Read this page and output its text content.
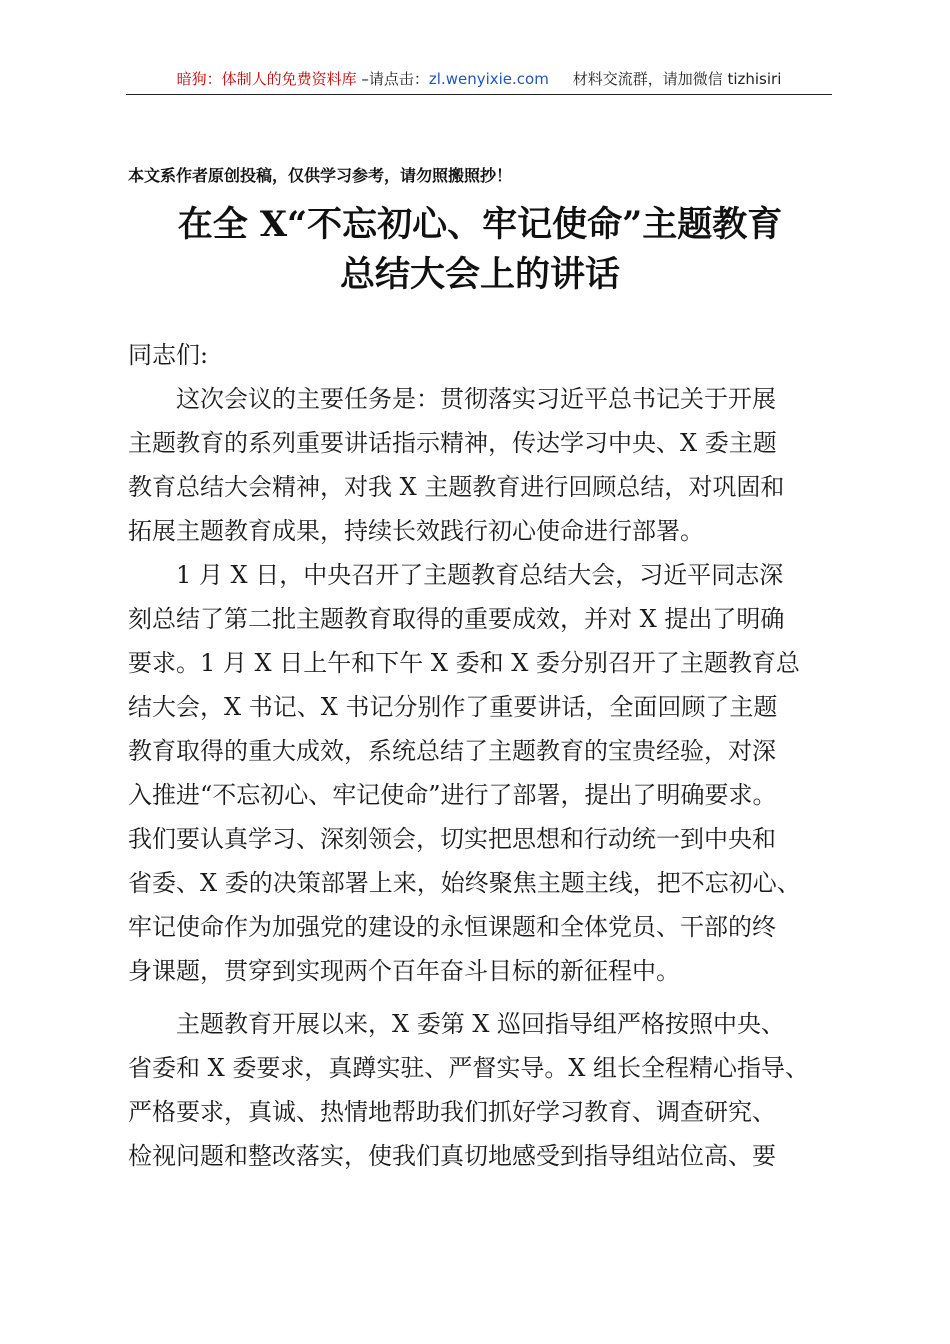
暗狗：体制人的免费资料库 –请点击：zl.wenyixie.com 材料交流群，请加微信 tizhisiri
本文系作者原创投稿，仅供学习参考，请勿照搬照抄！
在全 X“不忘初心、牢记使命”主题教育
总结大会上的讲话
同志们:
　　这次会议的主要任务是：贯彻落实习近平总书记关于开展
主题教育的系列重要讲话指示精神，传达学习中央、X 委主题
教育总结大会精神，对我 X 主题教育进行回顾总结，对巩固和
拓展主题教育成果，持续长效践行初心使命进行部署。
　　1 月 X 日，中央召开了主题教育总结大会，习近平同志深
刻总结了第二批主题教育取得的重要成效，并对 X 提出了明确
要求。1 月 X 日上午和下午 X 委和 X 委分别召开了主题教育总
结大会，X 书记、X 书记分别作了重要讲话，全面回顾了主题
教育取得的重大成效，系统总结了主题教育的宝贵经验，对深
入推进“不忘初心、牢记使命”进行了部署，提出了明确要求。
我们要认真学习、深刻领会，切实把思想和行动统一到中央和
省委、X 委的决策部署上来，始终聚焦主题主线，把不忘初心、
牢记使命作为加强党的建设的永恒课题和全体党员、干部的终
身课题，贯穿到实现两个百年奋斗目标的新征程中。
　　主题教育开展以来，X 委第 X 巡回指导组严格按照中央、
省委和 X 委要求，真蹲实驻、严督实导。X 组长全程精心指导、
严格要求，真诚、热情地帮助我们抓好学习教育、调查研究、
检视问题和整改落实，使我们真切地感受到指导组站位高、要
